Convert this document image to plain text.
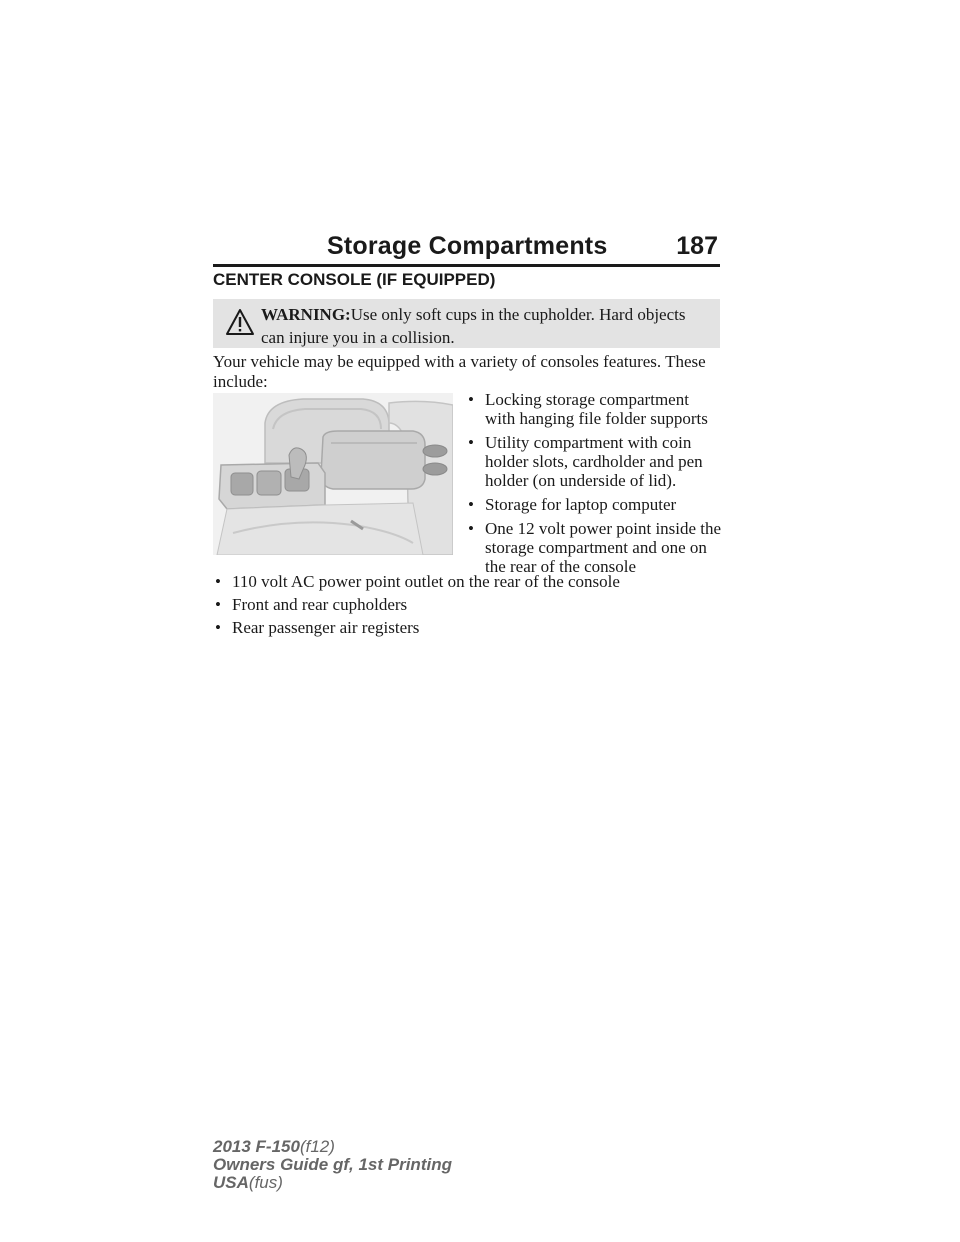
Storage Compartments	187
CENTER CONSOLE (IF EQUIPPED)
WARNING:Use only soft cups in the cupholder. Hard objects can injure you in a collision.
Your vehicle may be equipped with a variety of consoles features. These include:
• Locking storage compartment with hanging file folder supports
• Utility compartment with coin holder slots, cardholder and pen holder (on underside of lid).
• Storage for laptop computer
• One 12 volt power point inside the storage compartment and one on the rear of the console
• 110 volt AC power point outlet on the rear of the console
• Front and rear cupholders
• Rear passenger air registers
2013 F-150(f12)
Owners Guide gf, 1st Printing
USA(fus)
